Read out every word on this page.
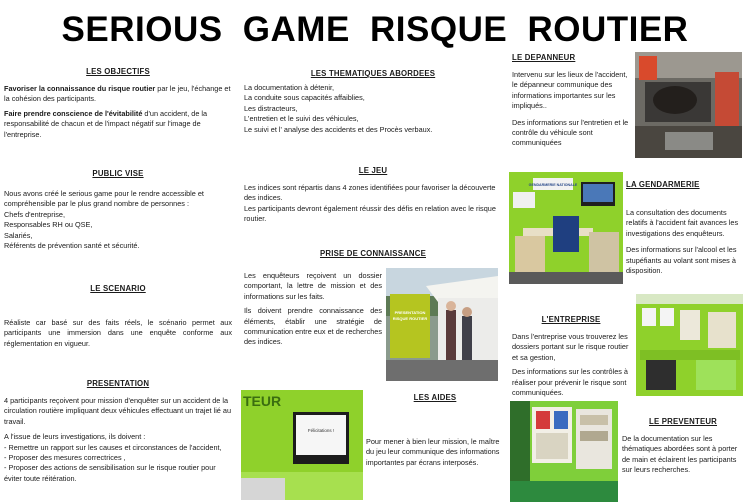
SERIOUS GAME RISQUE ROUTIER
LES OBJECTIFS
Favoriser la connaissance du risque routier par le jeu, l'échange et la cohésion des participants.
Faire prendre conscience de l'évitabilité d'un accident, de la responsabilité de chacun et de l'impact négatif sur l'image de l'entreprise.
PUBLIC VISE
Nous avons créé le serious game pour le rendre accessible et compréhensible par le plus grand nombre de personnes :
Chefs d'entreprise,
Responsables RH ou QSE,
Salariés,
Référents de prévention santé et sécurité.
LE SCENARIO
Réaliste car basé sur des faits réels, le scénario permet aux participants une immersion dans une enquête conforme aux réglementation en vigueur.
PRESENTATION
4 participants reçoivent pour mission d'enquêter sur un accident de la circulation routière impliquant deux véhicules effectuant un trajet lié au travail.
A l'issue de leurs investigations, ils doivent :
- Remettre un rapport sur les causes et circonstances de l'accident,
- Proposer des mesures correctrices ,
- Proposer des actions de sensibilisation sur le risque routier pour éviter toute réitération.
LES THEMATIQUES ABORDEES
La documentation à détenir,
La conduite sous capacités affaiblies,
Les distracteurs,
L'entretien et le suivi des véhicules,
Le suivi et l' analyse des accidents et des Procès verbaux.
LE JEU
Les indices sont répartis dans 4 zones identifiées pour favoriser la découverte des indices.
Les participants devront également réussir des défis en relation avec le risque routier.
PRISE DE CONNAISSANCE
Les enquêteurs reçoivent un dossier comportant, la lettre de mission et des informations sur les faits.
Ils doivent prendre connaissance des éléments, établir une stratégie de communication entre eux et de recherches des indices.
PRESENTATION
RISQUE ROUTIER
TEUR
Félicitations !
LES AIDES
Pour mener à bien leur mission, le maître du jeu leur communique des informations importantes par écrans interposés.
LE DEPANNEUR
Intervenu sur les lieux de l'accident, le dépanneur communique des informations importantes sur les impliqués..
Des informations sur l'entretien et le contrôle du véhicule sont communiquées
GENDARMERIE NATIONALE	LA GENDARMERIE
La consultation des documents relatifs à l'accident fait avances les investigations des enquêteurs.
Des informations sur l'alcool et les stupéfiants au volant sont mises à disposition.
L'ENTREPRISE
Dans l'entreprise vous trouverez les dossiers portant sur le risque routier et sa gestion,
Des informations sur les contrôles à réaliser pour prévenir le risque sont communiquées.
LE PREVENTEUR
De la documentation sur les thématiques abordées sont à porter de main et éclairent les participants sur leurs recherches.
